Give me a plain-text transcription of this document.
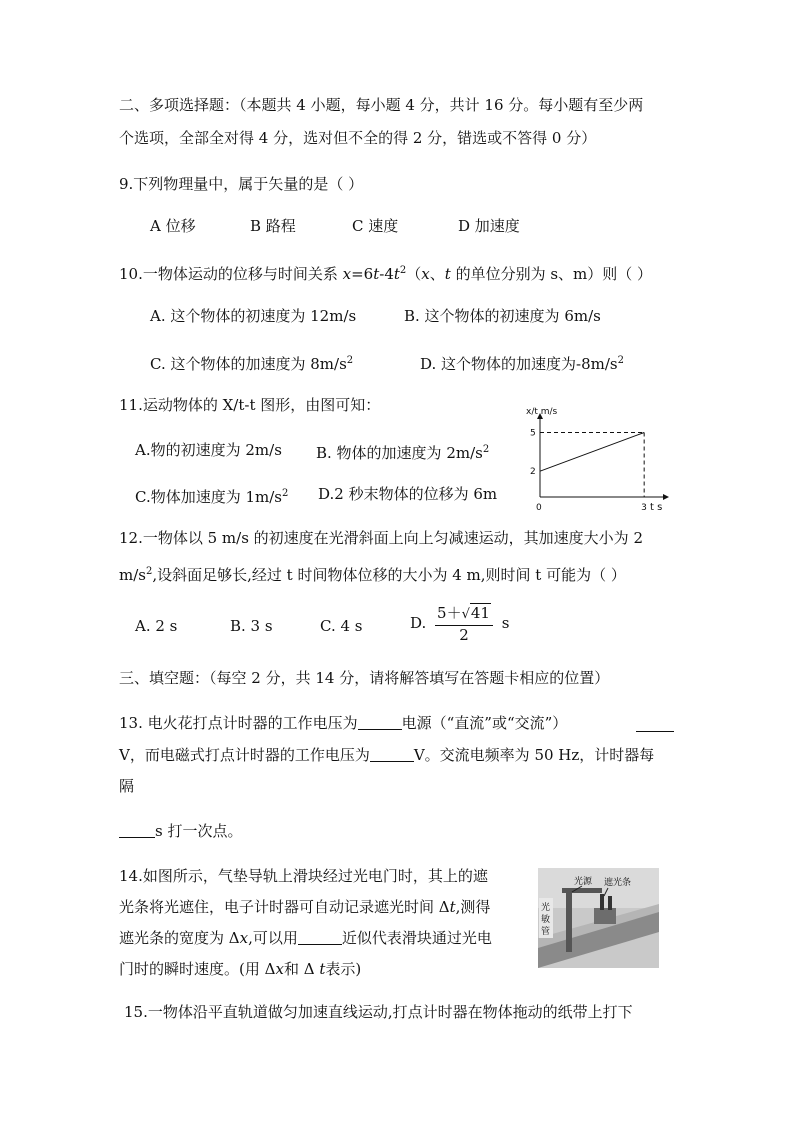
二、多项选择题：（本题共 4 小题，每小题 4 分，共计 16 分。每小题有至少两
个选项，全部全对得 4 分，选对但不全的得 2 分，错选或不答得 0 分）
9.下列物理量中，属于矢量的是（ ）
A 位移	B 路程	C 速度	D 加速度
10.一物体运动的位移与时间关系 $x=6t-4t^2(x$、t 的单位分别为 s、m）则（ ）
A. 这个物体的初速度为 12m/s	B. 这个物体的初速度为 6m/s
C. 这个物体的加速度为 $8m/s^2$	D. 这个物体的加速度为$-8m/s^2$
11.运动物体的 X/t-t 图形，由图可知：
A.物的初速度为 2m/s B. 物体的加速度为 $2m/s^2$
C.物体加速度为 $1m/s^2$ D.2 秒末物体的位移为 6m
0	3
2
5
x/t m/s
t s
12.一物体以 5 m/s 的初速度在光滑斜面上向上匀减速运动，其加速度大小为 2
$m/s^2$,设斜面足够长,经过 t 时间物体位移的大小为 4 m,则时间 t 可能为（ ）
A. 2 s	B. 3 s	C. 4 s	D. $\frac{5+√41}{2}$ s
三、填空题：（每空 2 分，共 14 分，请将解答填写在答题卡相应的位置）
13. 电火花打点计时器的工作电压为	电源（“直流”或“交流”）
V，而电磁式打点计时器的工作电压为	V。交流电频率为 50 Hz，计时器每
隔
s 打一次点。
14.如图所示，气垫导轨上滑块经过光电门时，其上的遮
光条将光遮住，电子计时器可自动记录遮光时间 Δt,测得
遮光条的宽度为 Δx,可以用	近似代表滑块通过光电
门时的瞬时速度。(用 Δx和 Δ t表示)
光源 遮光条
光
敏
管
15.一物体沿平直轨道做匀加速直线运动,打点计时器在物体拖动的纸带上打下
